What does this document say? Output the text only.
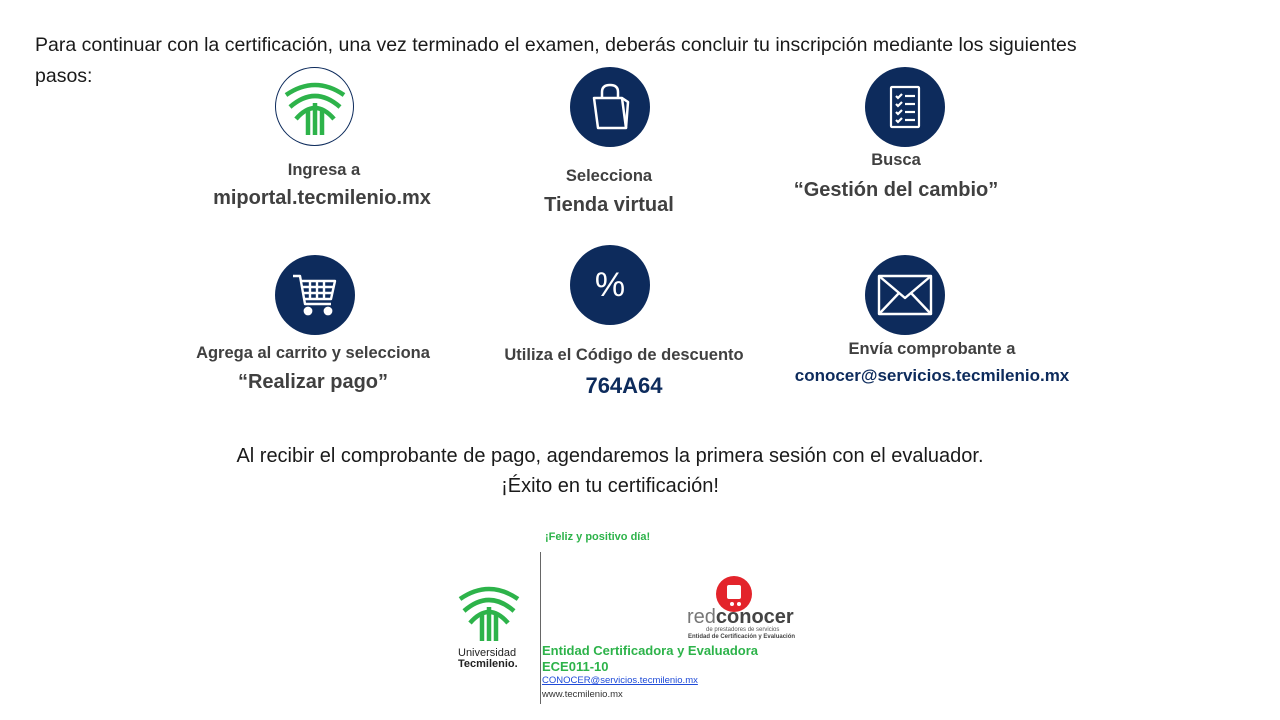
Para continuar con la certificación, una vez terminado el examen, deberás concluir tu inscripción mediante los siguientes pasos:
Ingresa a
miportal.tecmilenio.mx
Selecciona
Tienda virtual
Busca
“Gestión del cambio”
Agrega al carrito y selecciona
“Realizar pago”
%
Utiliza el Código de descuento
764A64
Envía comprobante a
conocer@servicios.tecmilenio.mx
Al recibir el comprobante de pago, agendaremos la primera sesión con el evaluador.
¡Éxito en tu certificación!
¡Feliz y positivo día!
Universidad
Tecmilenio.
redconocer
de prestadores de servicios
Entidad de Certificación y Evaluación
Entidad Certificadora y Evaluadora
ECE011-10
CONOCER@servicios.tecmilenio.mx
www.tecmilenio.mx
